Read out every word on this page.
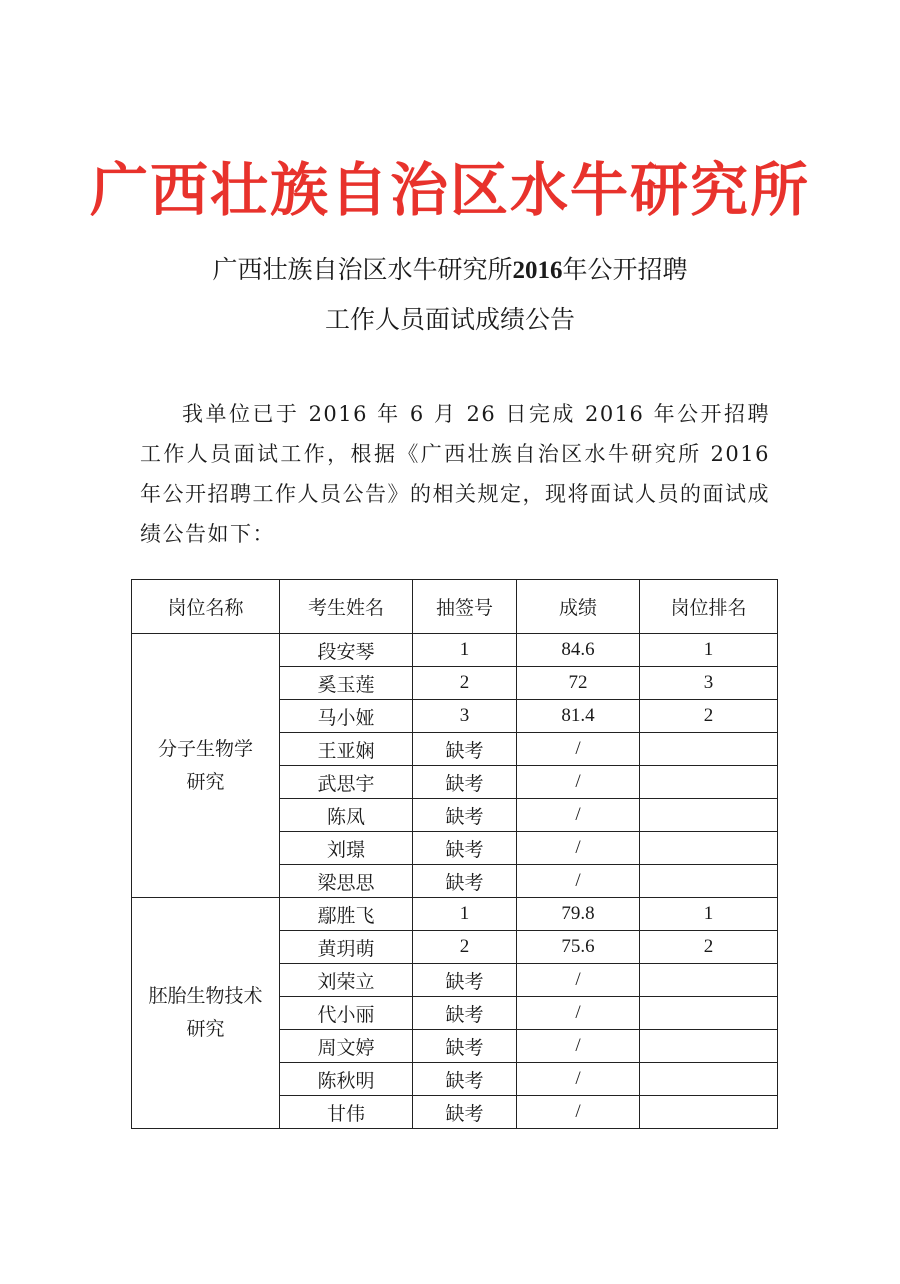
广西壮族自治区水牛研究所
广西壮族自治区水牛研究所2016年公开招聘
工作人员面试成绩公告
我单位已于 2016 年 6 月 26 日完成 2016 年公开招聘工作人员面试工作，根据《广西壮族自治区水牛研究所 2016 年公开招聘工作人员公告》的相关规定，现将面试人员的面试成绩公告如下：
岗位名称	考生姓名	抽签号	成绩	岗位排名
分子生物学
研究	段安琴	1	84.6	1
	奚玉莲	2	72	3
	马小娅	3	81.4	2
	王亚娴	缺考	/	
	武思宇	缺考	/	
	陈凤	缺考	/	
	刘璟	缺考	/	
	梁思思	缺考	/	
胚胎生物技术
研究	鄢胜飞	1	79.8	1
	黄玥萌	2	75.6	2
	刘荣立	缺考	/	
	代小丽	缺考	/	
	周文婷	缺考	/	
	陈秋明	缺考	/	
	甘伟	缺考	/	
